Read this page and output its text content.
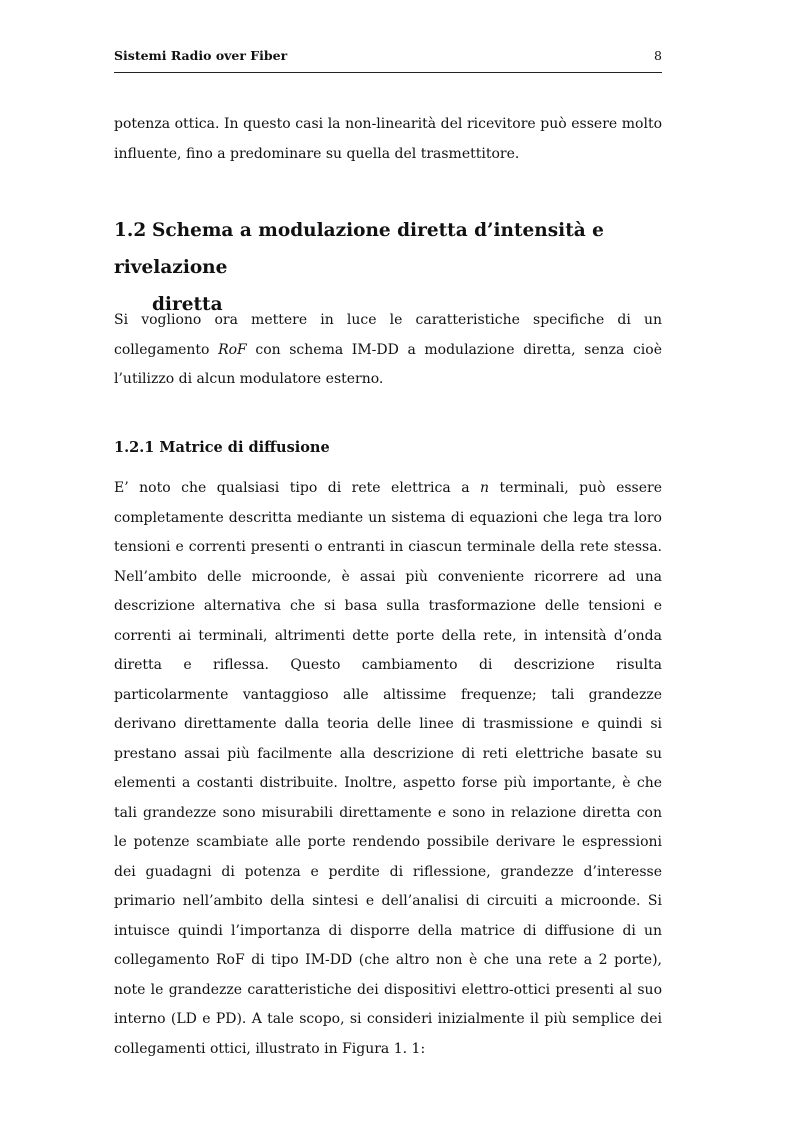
Sistemi Radio over Fiber	8

potenza ottica. In questo casi la non-linearità del ricevitore può essere molto influente, fino a predominare su quella del trasmettitore.

1.2 Schema a modulazione diretta d’intensità e rivelazione
diretta

Si vogliono ora mettere in luce le caratteristiche specifiche di un collegamento RoF con schema IM-DD a modulazione diretta, senza cioè l’utilizzo di alcun modulatore esterno.

1.2.1 Matrice di diffusione

E’ noto che qualsiasi tipo di rete elettrica a n terminali, può essere completamente descritta mediante un sistema di equazioni che lega tra loro tensioni e correnti presenti o entranti in ciascun terminale della rete stessa. Nell’ambito delle microonde, è assai più conveniente ricorrere ad una descrizione alternativa che si basa sulla trasformazione delle tensioni e correnti ai terminali, altrimenti dette porte della rete, in intensità d’onda diretta e riflessa. Questo cambiamento di descrizione risulta particolarmente vantaggioso alle altissime frequenze; tali grandezze derivano direttamente dalla teoria delle linee di trasmissione e quindi si prestano assai più facilmente alla descrizione di reti elettriche basate su elementi a costanti distribuite. Inoltre, aspetto forse più importante, è che tali grandezze sono misurabili direttamente e sono in relazione diretta con le potenze scambiate alle porte rendendo possibile derivare le espressioni dei guadagni di potenza e perdite di riflessione, grandezze d’interesse primario nell’ambito della sintesi e dell’analisi di circuiti a microonde. Si intuisce quindi l’importanza di disporre della matrice di diffusione di un collegamento RoF di tipo IM-DD (che altro non è che una rete a 2 porte), note le grandezze caratteristiche dei dispositivi elettro-ottici presenti al suo interno (LD e PD). A tale scopo, si consideri inizialmente il più semplice dei collegamenti ottici, illustrato in Figura 1. 1:
